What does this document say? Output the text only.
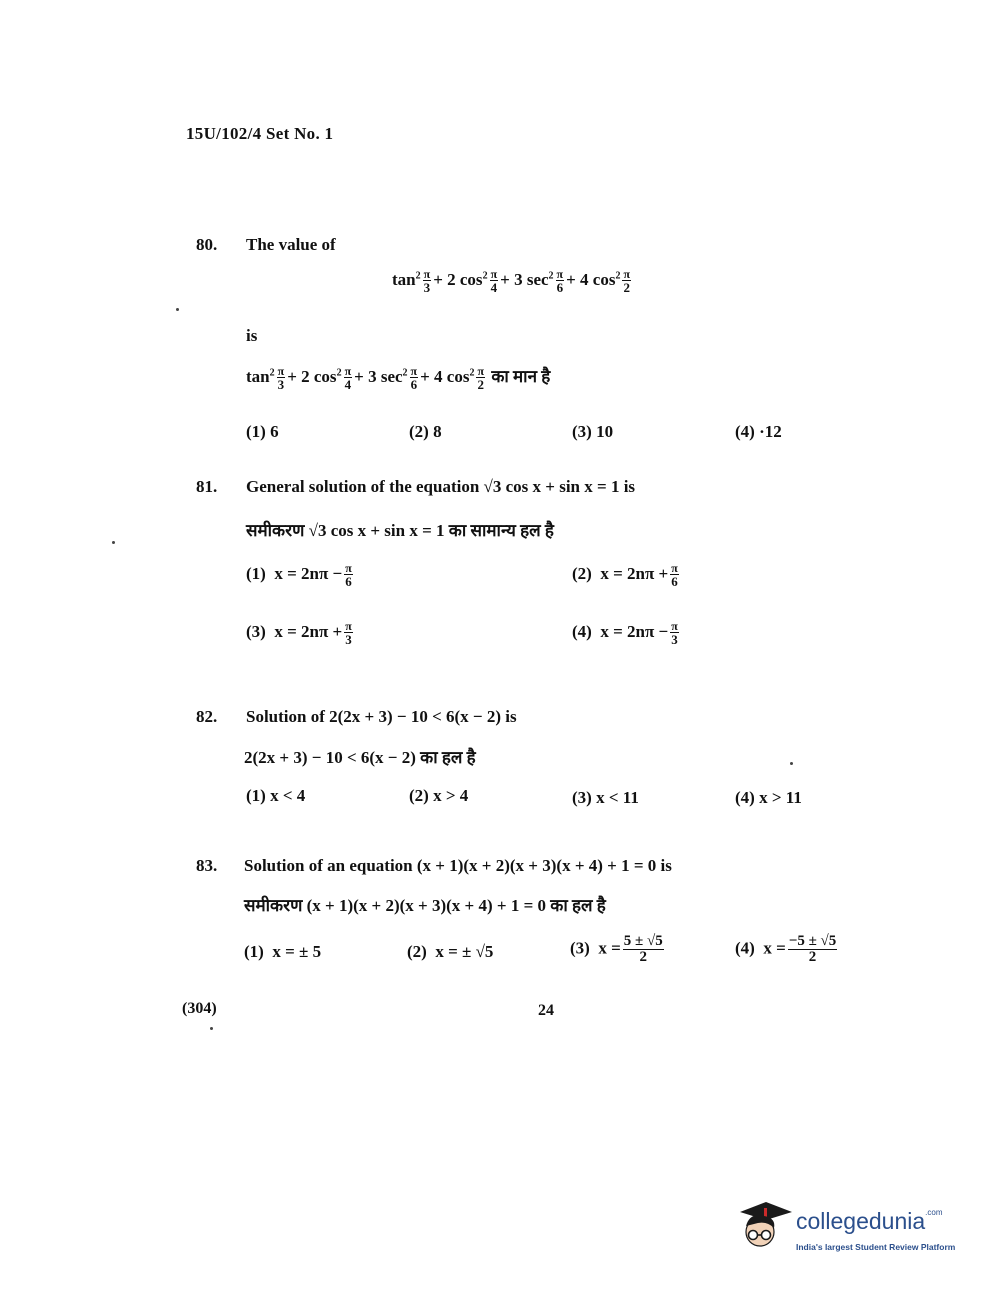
15U/102/4 Set No. 1
80. The value of
$\tan^2 \frac{\pi}{3} + 2$ $\cos^2 \frac{\pi}{4} + 3$ $\sec^2 \frac{\pi}{6} + 4$ $\cos^2 \frac{\pi}{2}$
is
$\tan^2 \frac{\pi}{3} + 2$ $\cos^2 \frac{\pi}{4} + 3$ $\sec^2 \frac{\pi}{6} + 4$ $\cos^2 \frac{\pi}{2}$ का मान है
(1) 6	(2) 8	(3) 10	(4) ·12
81. General solution of the equation √3 cos x + sin x = 1 is
समीकरण √3 cos x + sin x = 1 का सामान्य हल है
(1) $x = 2n\pi - \frac{\pi}{6}$	(2) $x = 2n\pi + \frac{\pi}{6}$
(3) $x = 2n\pi + \frac{\pi}{3}$	(4) $x = 2n\pi - \frac{\pi}{3}$
82. Solution of 2(2x + 3) − 10 < 6(x − 2) is
2(2x + 3) − 10 < 6(x − 2) का हल है
(1) x < 4	(2) x > 4	(3) x < 11	(4) x > 11
83. Solution of an equation (x + 1)(x + 2)(x + 3)(x + 4) + 1 = 0 is
समीकरण (x + 1)(x + 2)(x + 3)(x + 4) + 1 = 0 का हल है
(1) x = ± 5	(2) x = ± √5	(3) $x = \frac{5 \pm √5}{2}$	(4) $x = \frac{-5 \pm √5}{2}$
(304)	24
collegedunia$^{.com}$
India's largest Student Review Platform
